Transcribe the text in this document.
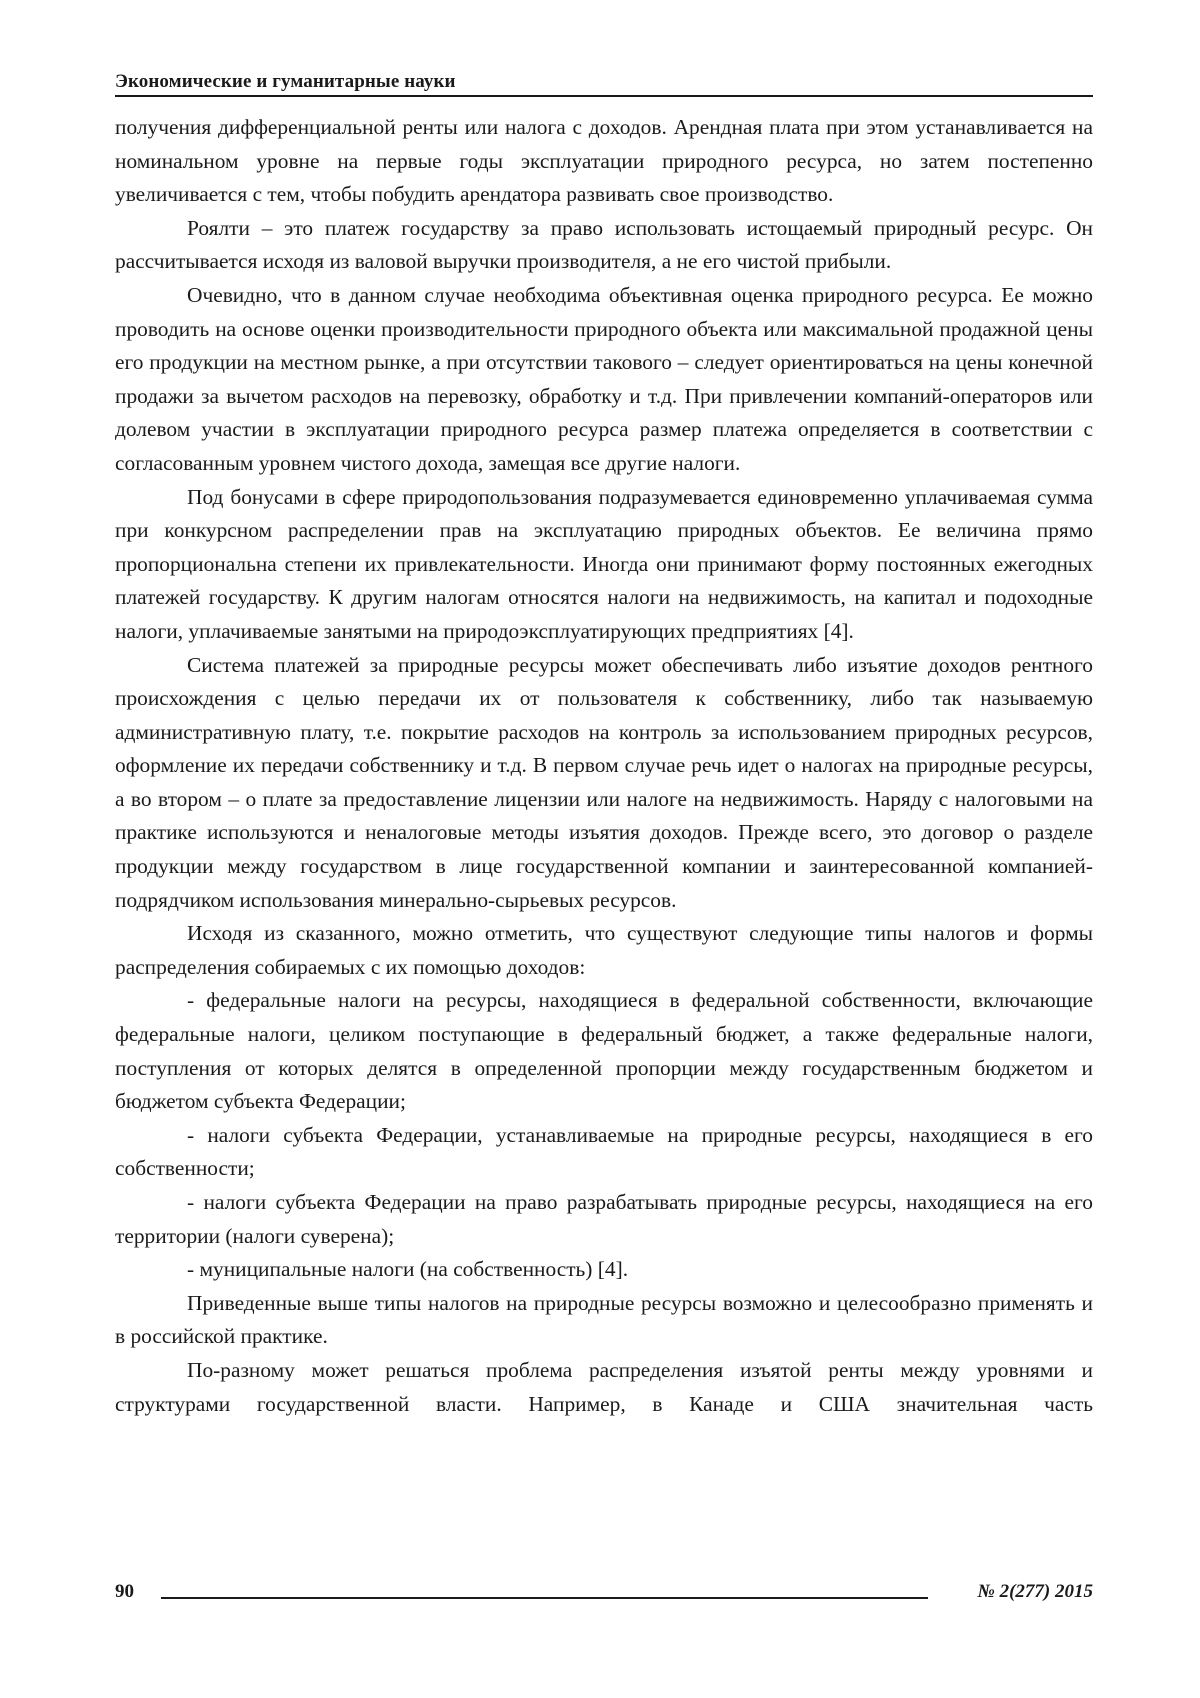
Экономические и гуманитарные науки

получения дифференциальной ренты или налога с доходов. Арендная плата при этом устанавливается на номинальном уровне на первые годы эксплуатации природного ресурса, но затем постепенно увеличивается с тем, чтобы побудить арендатора развивать свое производство.

Роялти – это платеж государству за право использовать истощаемый природный ресурс. Он рассчитывается исходя из валовой выручки производителя, а не его чистой прибыли.

Очевидно, что в данном случае необходима объективная оценка природного ресурса. Ее можно проводить на основе оценки производительности природного объекта или максимальной продажной цены его продукции на местном рынке, а при отсутствии такового – следует ориентироваться на цены конечной продажи за вычетом расходов на перевозку, обработку и т.д. При привлечении компаний-операторов или долевом участии в эксплуатации природного ресурса размер платежа определяется в соответствии с согласованным уровнем чистого дохода, замещая все другие налоги.

Под бонусами в сфере природопользования подразумевается единовременно уплачиваемая сумма при конкурсном распределении прав на эксплуатацию природных объектов. Ее величина прямо пропорциональна степени их привлекательности. Иногда они принимают форму постоянных ежегодных платежей государству. К другим налогам относятся налоги на недвижимость, на капитал и подоходные налоги, уплачиваемые занятыми на природоэксплуатирующих предприятиях [4].

Система платежей за природные ресурсы может обеспечивать либо изъятие доходов рентного происхождения с целью передачи их от пользователя к собственнику, либо так называемую административную плату, т.е. покрытие расходов на контроль за использованием природных ресурсов, оформление их передачи собственнику и т.д. В первом случае речь идет о налогах на природные ресурсы, а во втором – о плате за предоставление лицензии или налоге на недвижимость. Наряду с налоговыми на практике используются и неналоговые методы изъятия доходов. Прежде всего, это договор о разделе продукции между государством в лице государственной компании и заинтересованной компанией-подрядчиком использования минерально-сырьевых ресурсов.

Исходя из сказанного, можно отметить, что существуют следующие типы налогов и формы распределения собираемых с их помощью доходов:

- федеральные налоги на ресурсы, находящиеся в федеральной собственности, включающие федеральные налоги, целиком поступающие в федеральный бюджет, а также федеральные налоги, поступления от которых делятся в определенной пропорции между государственным бюджетом и бюджетом субъекта Федерации;

- налоги субъекта Федерации, устанавливаемые на природные ресурсы, находящиеся в его собственности;

- налоги субъекта Федерации на право разрабатывать природные ресурсы, находящиеся на его территории (налоги суверена);

- муниципальные налоги (на собственность) [4].

Приведенные выше типы налогов на природные ресурсы возможно и целесообразно применять и в российской практике.

По-разному может решаться проблема распределения изъятой ренты между уровнями и структурами государственной власти. Например, в Канаде и США значительная часть

90	№ 2(277) 2015
